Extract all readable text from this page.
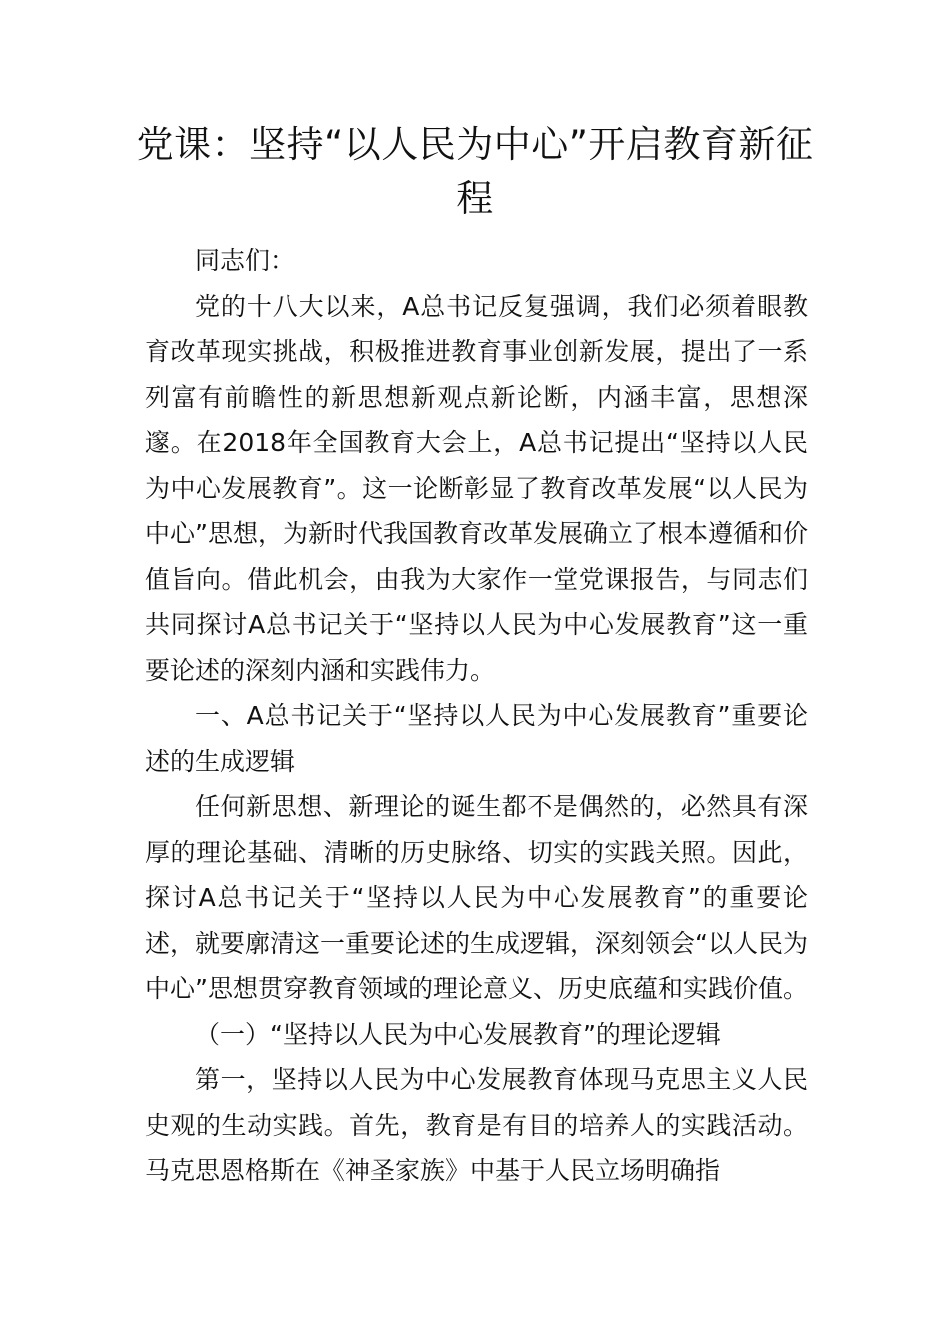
党课：坚持“以人民为中心”开启教育新征程

同志们：

党的十八大以来，A总书记反复强调，我们必须着眼教育改革现实挑战，积极推进教育事业创新发展，提出了一系列富有前瞻性的新思想新观点新论断，内涵丰富，思想深邃。在2018年全国教育大会上，A总书记提出“坚持以人民为中心发展教育”。这一论断彰显了教育改革发展“以人民为中心”思想，为新时代我国教育改革发展确立了根本遵循和价值旨向。借此机会，由我为大家作一堂党课报告，与同志们共同探讨A总书记关于“坚持以人民为中心发展教育”这一重要论述的深刻内涵和实践伟力。

一、A总书记关于“坚持以人民为中心发展教育”重要论述的生成逻辑

任何新思想、新理论的诞生都不是偶然的，必然具有深厚的理论基础、清晰的历史脉络、切实的实践关照。因此，探讨A总书记关于“坚持以人民为中心发展教育”的重要论述，就要廓清这一重要论述的生成逻辑，深刻领会“以人民为中心”思想贯穿教育领域的理论意义、历史底蕴和实践价值。

（一）“坚持以人民为中心发展教育”的理论逻辑

第一，坚持以人民为中心发展教育体现马克思主义人民史观的生动实践。首先，教育是有目的培养人的实践活动。马克思恩格斯在《神圣家族》中基于人民立场明确指
